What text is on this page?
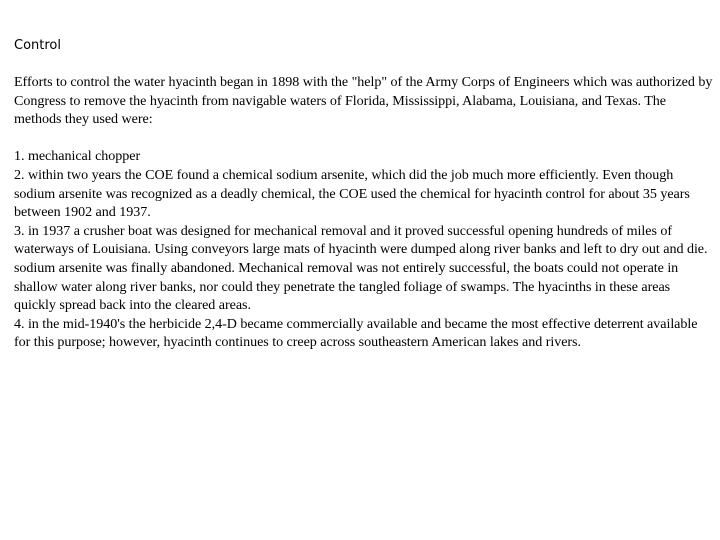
Control

Efforts to control the water hyacinth began in 1898 with the "help" of the Army Corps of Engineers which was authorized by Congress to remove the hyacinth from navigable waters of Florida, Mississippi, Alabama, Louisiana, and Texas. The methods they used were:

1. mechanical chopper

2. within two years the COE found a chemical sodium arsenite, which did the job much more efficiently. Even though sodium arsenite was recognized as a deadly chemical, the COE used the chemical for hyacinth control for about 35 years between 1902 and 1937.

3. in 1937 a crusher boat was designed for mechanical removal and it proved successful opening hundreds of miles of waterways of Louisiana. Using conveyors large mats of hyacinth were dumped along river banks and left to dry out and die. sodium arsenite was finally abandoned. Mechanical removal was not entirely successful, the boats could not operate in shallow water along river banks, nor could they penetrate the tangled foliage of swamps. The hyacinths in these areas quickly spread back into the cleared areas.

4. in the mid-1940's the herbicide 2,4-D became commercially available and became the most effective deterrent available for this purpose; however, hyacinth continues to creep across southeastern American lakes and rivers.
